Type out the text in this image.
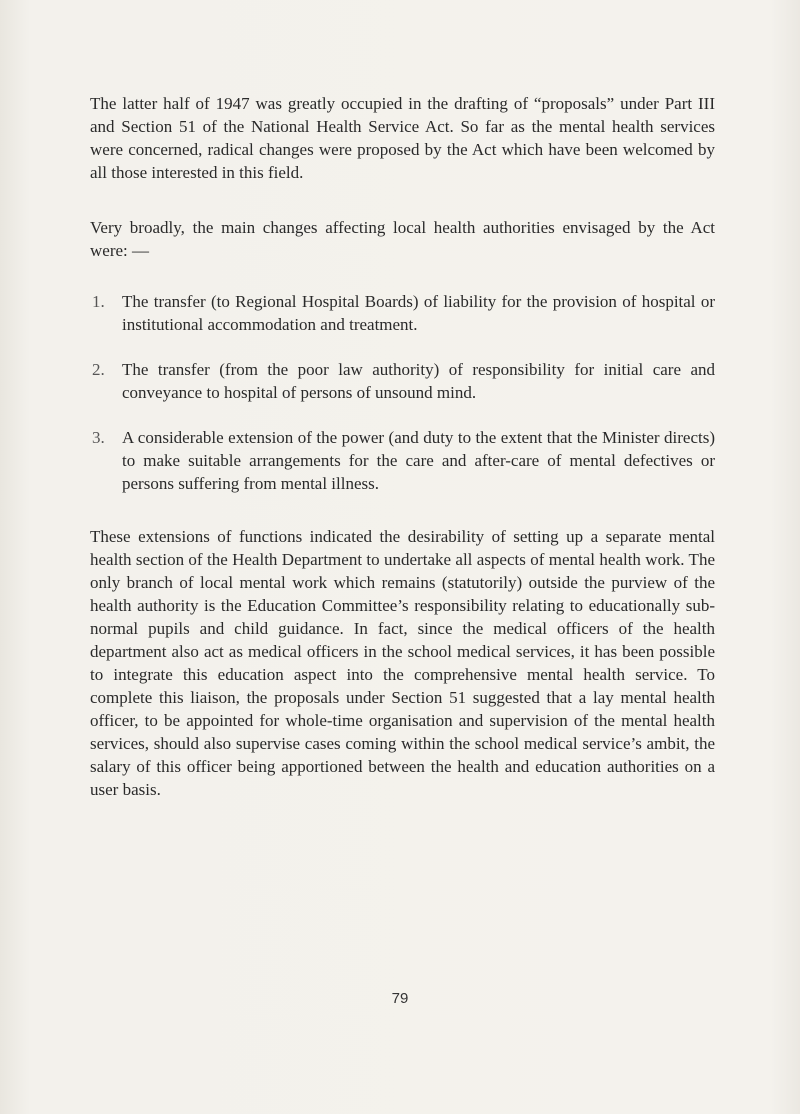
The latter half of 1947 was greatly occupied in the drafting of “proposals” under Part III and Section 51 of the National Health Service Act. So far as the mental health services were concerned, radical changes were proposed by the Act which have been welcomed by all those interested in this field.

Very broadly, the main changes affecting local health authorities envisaged by the Act were: —

1. The transfer (to Regional Hospital Boards) of liability for the provision of hospital or institutional accommodation and treatment.

2. The transfer (from the poor law authority) of responsibility for initial care and conveyance to hospital of persons of unsound mind.

3. A considerable extension of the power (and duty to the extent that the Minister directs) to make suitable arrangements for the care and after-care of mental defectives or persons suffering from mental illness.

These extensions of functions indicated the desirability of setting up a separate mental health section of the Health Department to undertake all aspects of mental health work. The only branch of local mental work which remains (statutorily) outside the purview of the health authority is the Education Committee’s responsibility relating to educationally sub-normal pupils and child guidance. In fact, since the medical officers of the health department also act as medical officers in the school medical services, it has been possible to integrate this education aspect into the comprehensive mental health service. To complete this liaison, the proposals under Section 51 suggested that a lay mental health officer, to be appointed for whole-time organisation and supervision of the mental health services, should also supervise cases coming within the school medical service’s ambit, the salary of this officer being apportioned between the health and education authorities on a user basis.

79
